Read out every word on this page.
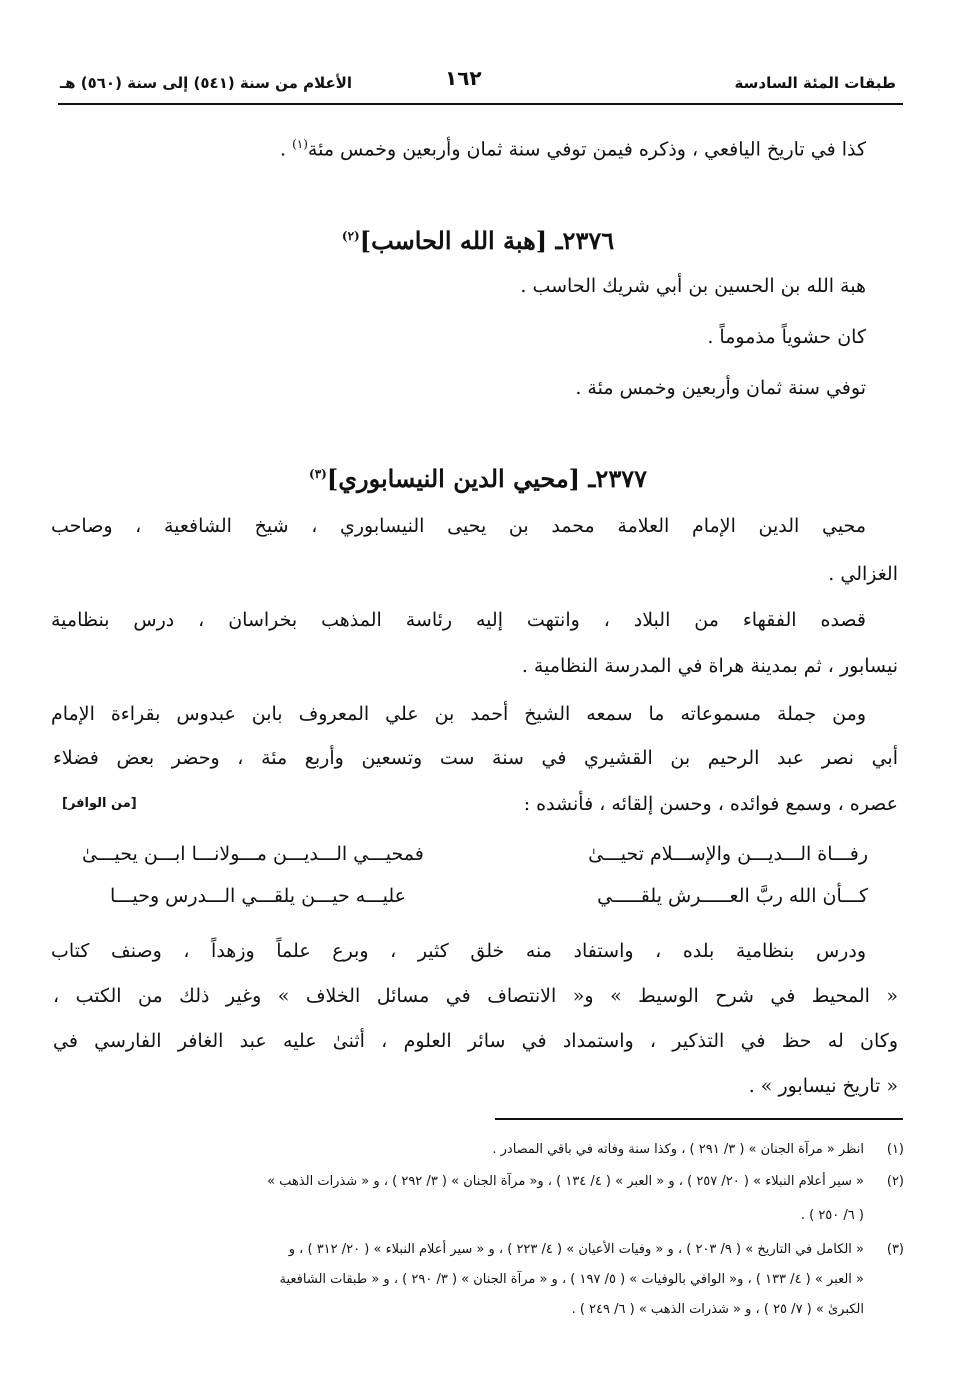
طبقات المئة السادسة
١٦٢
الأعلام من سنة (٥٤١) إلى سنة (٥٦٠) هـ
كذا في تاريخ اليافعي ، وذكره فيمن توفي سنة ثمان وأربعين وخمس مئة$^{(١)}$ .
٢٣٧٦ـ [هبة الله الحاسب]$^{(٢)}$
هبة الله بن الحسين بن أبي شريك الحاسب .
كان حشوياً مذموماً .
توفي سنة ثمان وأربعين وخمس مئة .
٢٣٧٧ـ [محيي الدين النيسابوري]$^{(٣)}$
محيي الدين الإمام العلامة محمد بن يحيى النيسابوري ، شيخ الشافعية ، وصاحب
الغزالي .
قصده الفقهاء من البلاد ، وانتهت إليه رئاسة المذهب بخراسان ، درس بنظامية
نيسابور ، ثم بمدينة هراة في المدرسة النظامية .
ومن جملة مسموعاته ما سمعه الشيخ أحمد بن علي المعروف بابن عبدوس بقراءة الإمام
أبي نصر عبد الرحيم بن القشيري في سنة ست وتسعين وأربع مئة ، وحضر بعض فضلاء
عصره ، وسمع فوائده ، وحسن إلقائه ، فأنشده :
[من الوافر]
رفـــاة الـــديـــن والإســـلام تحيـــىٰ
فمحيـــي الـــديـــن مـــولانـــا ابـــن يحيـــىٰ
كـــأن الله ربَّ العـــــرش يلقـــــي
عليـــه حيـــن يلقـــي الـــدرس وحيـــا
ودرس بنظامية بلده ، واستفاد منه خلق كثير ، وبرع علماً وزهداً ، وصنف كتاب
« المحيط في شرح الوسيط » و« الانتصاف في مسائل الخلاف » وغير ذلك من الكتب ،
وكان له حظ في التذكير ، واستمداد في سائر العلوم ، أثنىٰ عليه عبد الغافر الفارسي في
« تاريخ نيسابور » .
(١)انظر « مرآة الجنان » ( ٣/ ٢٩١ ) ، وكذا سنة وفاته في باقي المصادر .
(٢)« سير أعلام النبلاء » ( ٢٠/ ٢٥٧ ) ، و « العبر » ( ٤/ ١٣٤ ) ، و« مرآة الجنان » ( ٣/ ٢٩٢ ) ، و « شذرات الذهب »
( ٦/ ٢٥٠ ) .
(٣)« الكامل في التاريخ » ( ٩/ ٢٠٣ ) ، و « وفيات الأعيان » ( ٤/ ٢٢٣ ) ، و « سير أعلام النبلاء » ( ٢٠/ ٣١٢ ) ، و
« العبر » ( ٤/ ١٣٣ ) ، و« الوافي بالوفيات » ( ٥/ ١٩٧ ) ، و « مرآة الجنان » ( ٣/ ٢٩٠ ) ، و « طبقات الشافعية
الكبرىٰ » ( ٧/ ٢٥ ) ، و « شذرات الذهب » ( ٦/ ٢٤٩ ) .
